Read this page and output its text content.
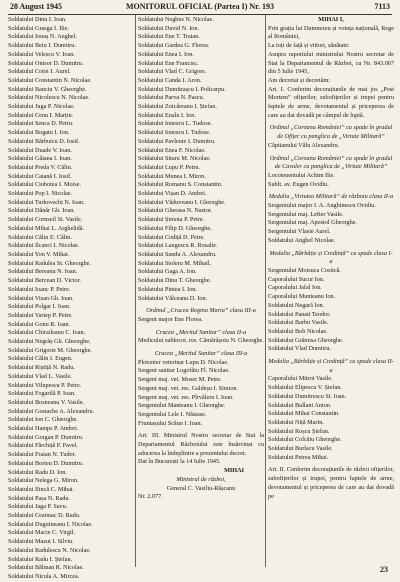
28 August 1945	MONITORUL OFICIAL (Partea I) Nr. 193	7113
Soldatului Dinu I. Ioan.
Soldatului Grasga I. Ilie.
Soldatului Ionaș N. Anghel.
Soldatului Beiu I. Dumitru.
Soldatului Velescu V. Ioan.
Soldatului Onisor D. Dumitru.
Soldatului Cotoi I. Aurel.
Soldatului Constantin N. Nicolae.
Soldatului Banciu V. Gheorghe.
Soldatului Nicolescu N. Nicolae.
Soldatului Juga P. Nicolae.
Soldatului Cenu I. Marțin.
Soldatului Senca D. Petru.
Soldatului Bogatu I. Ion.
Soldatului Bărbuicu D. Iosif.
Soldatului Duade V. Ioan.
Soldatului Găiana I. Ioan.
Soldatului Preda V. Călin.
Soldatului Catană I. Iosif.
Soldatului Ciobotea I. Moise.
Soldatului Pop I. Nicolae.
Soldatului Turkovschi N. Ioan.
Soldatului Dănăr Gh. Ioan.
Soldatului Cornseil St. Vasile.
Soldatului Mihai L. Arghelidă.
Soldatului Călin E. Călin.
Soldatului Ilcanci I. Nicolae.
Soldatului Yon V. Mihai.
Soldatului Radulea St. Gheorghe.
Soldatului Bereanu N. Ioan.
Soldatului Bercean D. Victor.
Soldatului Ioanc P. Petre.
Soldatului Visan Gh. Ioan.
Soldatului Polgar I. Ioan.
Soldatului Vartep P. Petre.
Soldatului Gonu R. Ioan.
Soldatului Chiraileanu C. Ioan.
Soldatului Negrăș Gh. Gheorghe.
Soldatului Grigorie M. Gheorghe.
Soldatului Călin I. Eugen.
Soldatului Riștiță N. Radu.
Soldatului Vlad L. Vasile.
Soldatului Vilupescu P. Petre.
Soldatului Fogarilă P. Ioan.
Soldatului Bosneanu V. Vasile.
Soldatului Gostache A. Alexandru.
Soldatului Ion C. Gheorghe.
Soldatului Hamps P. Andrei.
Soldatului Gorgan P. Dumitru.
Soldatului Fărchiță P. Pavel.
Soldatului Fraian N. Tudor.
Soldatului Borteu D. Dumitru.
Soldatului Radu D. Ion.
Soldatului Nelega G. Miron.
Soldatului Ilincă C. Mihai.
Soldatului Pașa N. Radu.
Soldatului Jaga P. Savu.
Soldatului Ceaimac D. Radu.
Soldatului Duguineanu I. Nicolae.
Soldatului Macie C. Virgil.
Soldatului Mazut I. Silviu.
Soldatului Radulescu N. Nicolae.
Soldatului Radu I. Ștefan.
Soldatului Bălman R. Nicolae.
Soldatului Nicula A. Mircea.
Soldatului Negbus N. Nicolae.
Soldatului David N. Ion.
Soldatului Ene T. Traian.
Soldatului Gardea G. Florea.
Soldatului Enea I. Ion.
Soldatului Ene Francisc.
Soldatului Vlad C. Grigore.
Soldatului Canda I. Aron.
Soldatului Dumitrașcu I. Policarpu.
Soldatului Parva N. Pascu.
Soldatului Zoicăreanu I. Ștefan.
Soldatului Enalu I. Ion.
Soldatului Ionescu L. Tudose.
Soldatului Ionescu I. Tudose.
Soldatului Pavlenie I. Dumitru.
Soldatului Enea F. Nicolae.
Soldatului Sitaru M. Nicolae.
Soldatului Lupu P. Petru.
Soldatului Munea I. Miron.
Soldatului Romanu S. Constantin.
Soldatului Vișan D. Andrei.
Soldatului Văduveanu I. Gheorghe.
Soldatului Gherasa N. Nastor.
Soldatului Șimota P. Petre.
Soldatului Filip D. Gheorghe.
Soldatului Codiță D. Petre.
Soldatului Langescu R. Rosalie.
Soldatului Sandu A. Alexandru.
Soldatului Stoleru M. Mihail.
Soldatului Gaga A. Ion.
Soldatului Dinu T. Gheorghe.
Soldatului Pintea I. Ion.
Soldatului Vălceanu D. Ion.
Ordinul „Crucea Regina Maria” clasa III-a
Sergent major Ene Florea.
Crucea „Meritul Sanitar” clasa II-a

Medicului sublocot. res. Cămărășoiu N. Gheorghe.

Crucea „Meritul Sanitar” clasa III-a
Plotonier veterinar Lupu D. Nicolae.
Sergent sanitar Logofătu Fl. Nicolae.
Sergent maj. vet. Moser M. Petre.
Sergent maj. vet. res. Galdeșu I. Simion.
Sergent maj. vet. res. Pîrvăleru I. Ioan.
Sergentului Manteanu I. Gheorghe.
Sergentului Lele I. Năstase.
Fruntașului Scăun I. Ioan.

Art. III. Ministrul Nostru secretar de Stat la Departamentul Războiului este însărcinat cu aducerea la îndeplinire a prezentului decret.

Dat în București la 14 Iulie 1945.
MIHAI
Ministrul de război,
General C. Vasiliu-Rășcanu
Nr. 2.077.
MIHAI I,

Prin grația lui Dumnezeu și voința națională, Rege al României,

La toți de față și viitori, sănătate:

Asupra raportului ministrului Nostru secretar de Stat la Departamentul de Război, cu Nr. 843.067 din 5 Iulie 1945,

Am decretat și decretăm:

Art. I. Conferim decorațiunile de mai jos „Post Mortem” ofițerilor, subofițerilor și trupei pentru faptele de arme, devotamentul și priceperea de care au dat dovadă pe câmpul de luptă.

Ordinul „Coroana României” cu spade în gradul de Ofițer cu panglica de „Virtute Militară”
Căpitanului Vălu Alexandru.
Ordinul „Coroana României” cu spade în gradul de Cavaler cu panglica de „Virtute Militară”
Locotenentului Achim Ilie.
Sublt. av. Eugen Ovidiu.
Medalia „Virtutea Militară” de războiu clasa II-a
Sergentului major I. A. Anghinescu Ovidiu.
Sergentului maj. Lefter Vasile.
Sergentului maj. Apostol Gheorghe.
Sergentului Vlasie Aurel.
Soldatului Anghel Nicolae.
Medalia „Bărbăție și Credință” cu spade clasa I-a
Sergentului Moisuca Costică.
Caporalului Sucur Ion.
Caporalului Jafal Ion.
Caporalului Munteanu Ion.
Soldatului Negară Ion.
Soldatului Panait Teodor.
Soldatului Barbu Vasile.
Soldatului Bob Nicolae.
Soldatului Grămisa Gheorghe.
Soldatului Vlad Dumitru.
Medalia „Bărbăție și Credință” cu spade clasa II-a
Caporalului Mitroi Vasile.
Soldatului Elipescu V. Ștefan.
Soldatului Dumitrescu St. Ioan.
Soldatului Bullant Anton.
Soldatului Mihai Constantin.
Soldatului Niță Marin.
Soldatului Roșcu Ștefan.
Soldatului Colcăiu Gheorghe.
Soldatului Burlacu Vasile.
Soldatului Petrea Mihai.

Art. II. Conferim decorațiunile de război ofițerilor, subofițerilor și trupei, pentru faptele de arme, devotamentul și priceperea de care au dat dovadă pe

23
